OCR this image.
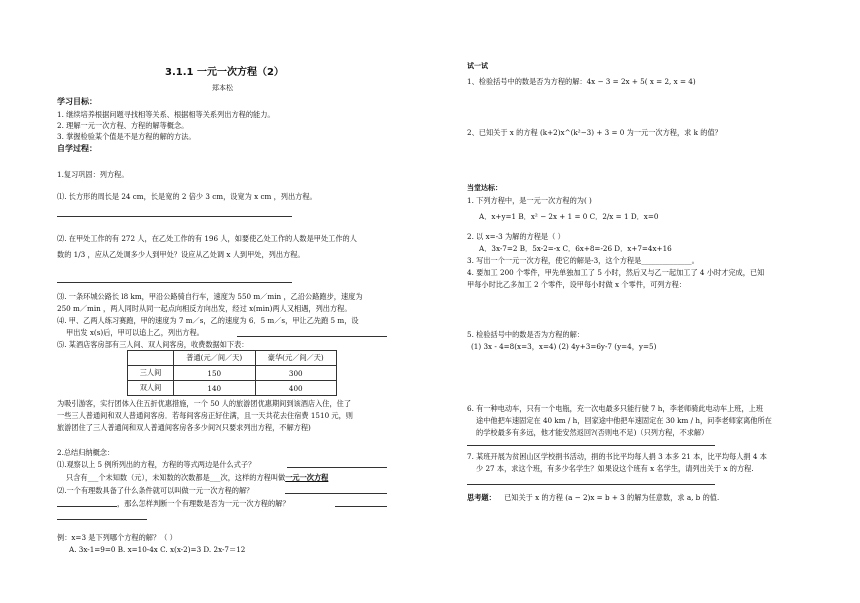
3.1.1 一元一次方程（2）
郑本松
学习目标：
1. 继续培养根据问题寻找相等关系、根据相等关系列出方程的能力。
2. 理解一元一次方程、方程的解等概念。
3. 掌握检验某个值是不是方程的解的方法。
自学过程：
1.复习巩固：列方程。
⑴. 长方形的周长是 24 cm，长是宽的 2 倍少 3 cm，设宽为 x cm ，列出方程。
⑵. 在甲处工作的有 272 人，在乙处工作的有 196 人，如要使乙处工作的人数是甲处工作的人
数的 1/3 ，应从乙处调多少人到甲处？设应从乙处调 x 人到甲处，列出方程。
⑶. 一条环城公路长 l8 km，甲沿公路骑自行车，速度为 550 m／min ，乙沿公路跑步，速度为
250 m／min ，两人同时从同一起点向相反方向出发，经过 x(min)两人又相遇，列出方程。
⑷. 甲、乙两人练习赛跑，甲的速度为 7 m／s，乙的速度为 6．5 m／s，甲让乙先跑 5 m，设
甲出发 x(s)后，甲可以追上乙，列出方程。
⑸. 某酒店客房部有三人间、双人间客房，收费数据如下表：
	普通(元／间／天)	豪华(元／间／天)
三人间	150	300
双人间	140	400
为吸引游客，实行团体入住五折优惠措施，一个 50 人的旅游团优惠期间到该酒店入住，住了
一些三人普通间和双人普通间客房．若每间客房正好住满，且一天共花去住宿费 1510 元，则
旅游团住了三人普通间和双人普通间客房各多少间?(只要求列出方程，不解方程)
2.总结归纳概念：
⑴.观察以上 5 例所列出的方程，方程的等式两边是什么式子？
只含有___个未知数（元），未知数的次数都是___次，这样的方程叫做一元一次方程
⑵.一个有理数具备了什么条件就可以叫做一元一次方程的解？
，那么怎样判断一个有理数是否为一元一次方程的解？
例：x=3 是下列哪个方程的解？（ ）
A. 3x-1=9=0 B. x=10-4x C. x(x-2)=3 D. 2x-7＝12
试一试
1、检验括号中的数是否为方程的解：4x − 3 = 2x + 5( x = 2, x = 4)
2、已知关于 x 的方程 (k+2)x^(k²−3) + 3 = 0 为一元一次方程，求 k 的值？
当堂达标：
1. 下列方程中，是一元一次方程的为( )
A．x+y=1 B．x² − 2x + 1 = 0 C．2/x = 1 D．x=0
2. 以 x=-3 为解的方程是（ ）
A．3x-7=2 B．5x-2=-x C．6x+8=-26 D．x+7=4x+16
3. 写出一个一元一次方程，使它的解是-3，这个方程是______________。
4. 要加工 200 个零件，甲先单独加工了 5 小时，然后又与乙一起加工了 4 小时才完成，已知
甲每小时比乙多加工 2 个零件，设甲每小时做 x 个零件，可列方程：
5. 检验括号中的数是否为方程的解：
(1) 3x - 4=8(x=3，x=4) (2) 4y+3=6y-7 (y=4，y=5)
6. 有一种电动车，只有一个电瓶，充一次电最多只能行驶 7 h，李老师骑此电动车上班，上班
途中他把车速固定在 40 km / h，回家途中他把车速固定在 30 km / h，问李老师家离他所在
的学校最多有多远，他才能安然返回?(否则电不足)（只列方程，不求解）
7. 某班开展为贫困山区学校捐书活动，捐的书比平均每人捐 3 本多 21 本，比平均每人捐 4 本
少 27 本，求这个班，有多少名学生？如果设这个班有 x 名学生，请列出关于 x 的方程.
思考题： 已知关于 x 的方程 (a − 2)x = b + 3 的解为任意数，求 a, b 的值.
